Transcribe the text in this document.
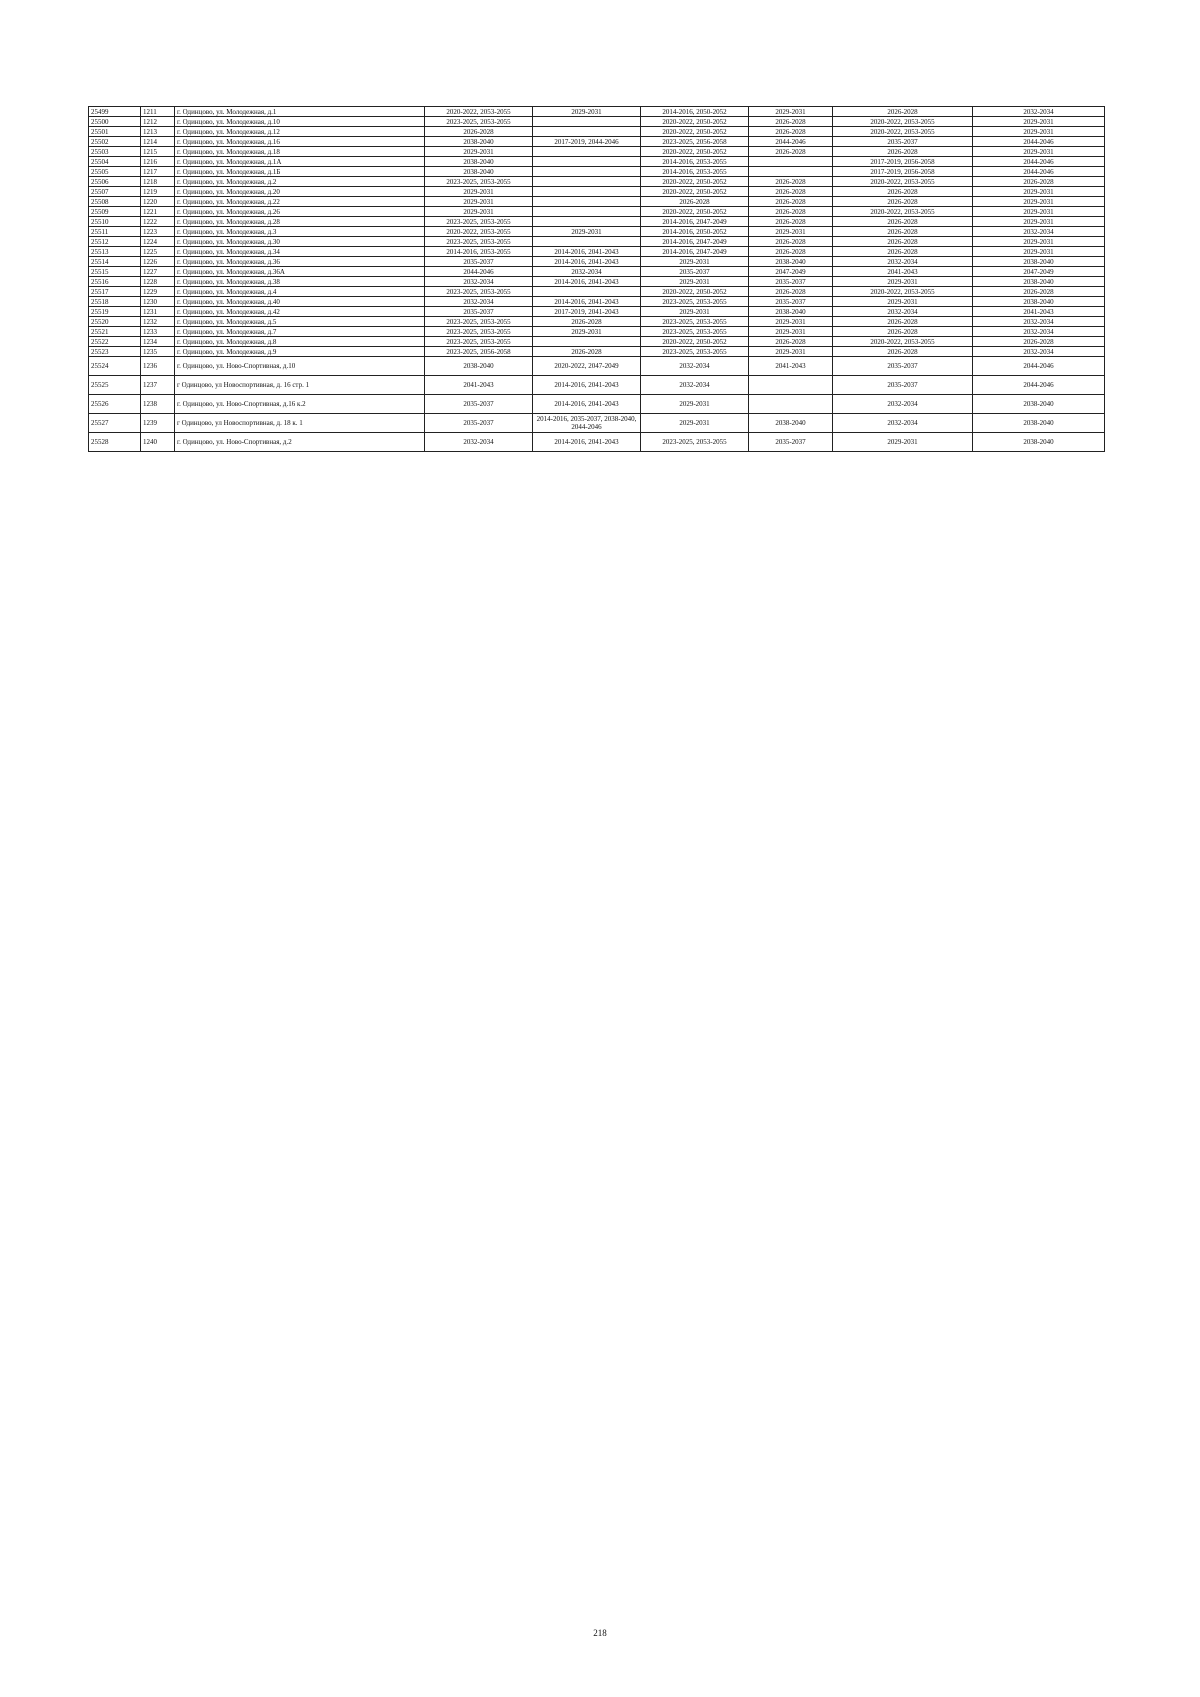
25499	1211	г. Одинцово, ул. Молодежная, д.1	2020-2022, 2053-2055	2029-2031	2014-2016, 2050-2052	2029-2031	2026-2028	2032-2034
25500	1212	г. Одинцово, ул. Молодежная, д.10	2023-2025, 2053-2055		2020-2022, 2050-2052	2026-2028	2020-2022, 2053-2055	2029-2031
25501	1213	г. Одинцово, ул. Молодежная, д.12	2026-2028		2020-2022, 2050-2052	2026-2028	2020-2022, 2053-2055	2029-2031
25502	1214	г. Одинцово, ул. Молодежная, д.16	2038-2040	2017-2019, 2044-2046	2023-2025, 2056-2058	2044-2046	2035-2037	2044-2046
25503	1215	г. Одинцово, ул. Молодежная, д.18	2029-2031		2020-2022, 2050-2052	2026-2028	2026-2028	2029-2031
25504	1216	г. Одинцово, ул. Молодежная, д.1А	2038-2040		2014-2016, 2053-2055		2017-2019, 2056-2058	2044-2046
25505	1217	г. Одинцово, ул. Молодежная, д.1Б	2038-2040		2014-2016, 2053-2055		2017-2019, 2056-2058	2044-2046
25506	1218	г. Одинцово, ул. Молодежная, д.2	2023-2025, 2053-2055		2020-2022, 2050-2052	2026-2028	2020-2022, 2053-2055	2026-2028
25507	1219	г. Одинцово, ул. Молодежная, д.20	2029-2031		2020-2022, 2050-2052	2026-2028	2026-2028	2029-2031
25508	1220	г. Одинцово, ул. Молодежная, д.22	2029-2031		2026-2028	2026-2028	2026-2028	2029-2031
25509	1221	г. Одинцово, ул. Молодежная, д.26	2029-2031		2020-2022, 2050-2052	2026-2028	2020-2022, 2053-2055	2029-2031
25510	1222	г. Одинцово, ул. Молодежная, д.28	2023-2025, 2053-2055		2014-2016, 2047-2049	2026-2028	2026-2028	2029-2031
25511	1223	г. Одинцово, ул. Молодежная, д.3	2020-2022, 2053-2055	2029-2031	2014-2016, 2050-2052	2029-2031	2026-2028	2032-2034
25512	1224	г. Одинцово, ул. Молодежная, д.30	2023-2025, 2053-2055		2014-2016, 2047-2049	2026-2028	2026-2028	2029-2031
25513	1225	г. Одинцово, ул. Молодежная, д.34	2014-2016, 2053-2055	2014-2016, 2041-2043	2014-2016, 2047-2049	2026-2028	2026-2028	2029-2031
25514	1226	г. Одинцово, ул. Молодежная, д.36	2035-2037	2014-2016, 2041-2043	2029-2031	2038-2040	2032-2034	2038-2040
25515	1227	г. Одинцово, ул. Молодежная, д.36А	2044-2046	2032-2034	2035-2037	2047-2049	2041-2043	2047-2049
25516	1228	г. Одинцово, ул. Молодежная, д.38	2032-2034	2014-2016, 2041-2043	2029-2031	2035-2037	2029-2031	2038-2040
25517	1229	г. Одинцово, ул. Молодежная, д.4	2023-2025, 2053-2055		2020-2022, 2050-2052	2026-2028	2020-2022, 2053-2055	2026-2028
25518	1230	г. Одинцово, ул. Молодежная, д.40	2032-2034	2014-2016, 2041-2043	2023-2025, 2053-2055	2035-2037	2029-2031	2038-2040
25519	1231	г. Одинцово, ул. Молодежная, д.42	2035-2037	2017-2019, 2041-2043	2029-2031	2038-2040	2032-2034	2041-2043
25520	1232	г. Одинцово, ул. Молодежная, д.5	2023-2025, 2053-2055	2026-2028	2023-2025, 2053-2055	2029-2031	2026-2028	2032-2034
25521	1233	г. Одинцово, ул. Молодежная, д.7	2023-2025, 2053-2055	2029-2031	2023-2025, 2053-2055	2029-2031	2026-2028	2032-2034
25522	1234	г. Одинцово, ул. Молодежная, д.8	2023-2025, 2053-2055		2020-2022, 2050-2052	2026-2028	2020-2022, 2053-2055	2026-2028
25523	1235	г. Одинцово, ул. Молодежная, д.9	2023-2025, 2056-2058	2026-2028	2023-2025, 2053-2055	2029-2031	2026-2028	2032-2034
25524	1236	г. Одинцово, ул. Ново-Спортивная, д.10	2038-2040	2020-2022, 2047-2049	2032-2034	2041-2043	2035-2037	2044-2046
25525	1237	г Одинцово, ул Новоспортивная, д. 16 стр. 1	2041-2043	2014-2016, 2041-2043	2032-2034		2035-2037	2044-2046
25526	1238	г. Одинцово, ул. Ново-Спортивная, д.16 к.2	2035-2037	2014-2016, 2041-2043	2029-2031		2032-2034	2038-2040
25527	1239	г Одинцово, ул Новоспортивная, д. 18 к. 1	2035-2037	2014-2016, 2035-2037, 2038-2040, 2044-2046	2029-2031	2038-2040	2032-2034	2038-2040
25528	1240	г. Одинцово, ул. Ново-Спортивная, д.2	2032-2034	2014-2016, 2041-2043	2023-2025, 2053-2055	2035-2037	2029-2031	2038-2040
218
